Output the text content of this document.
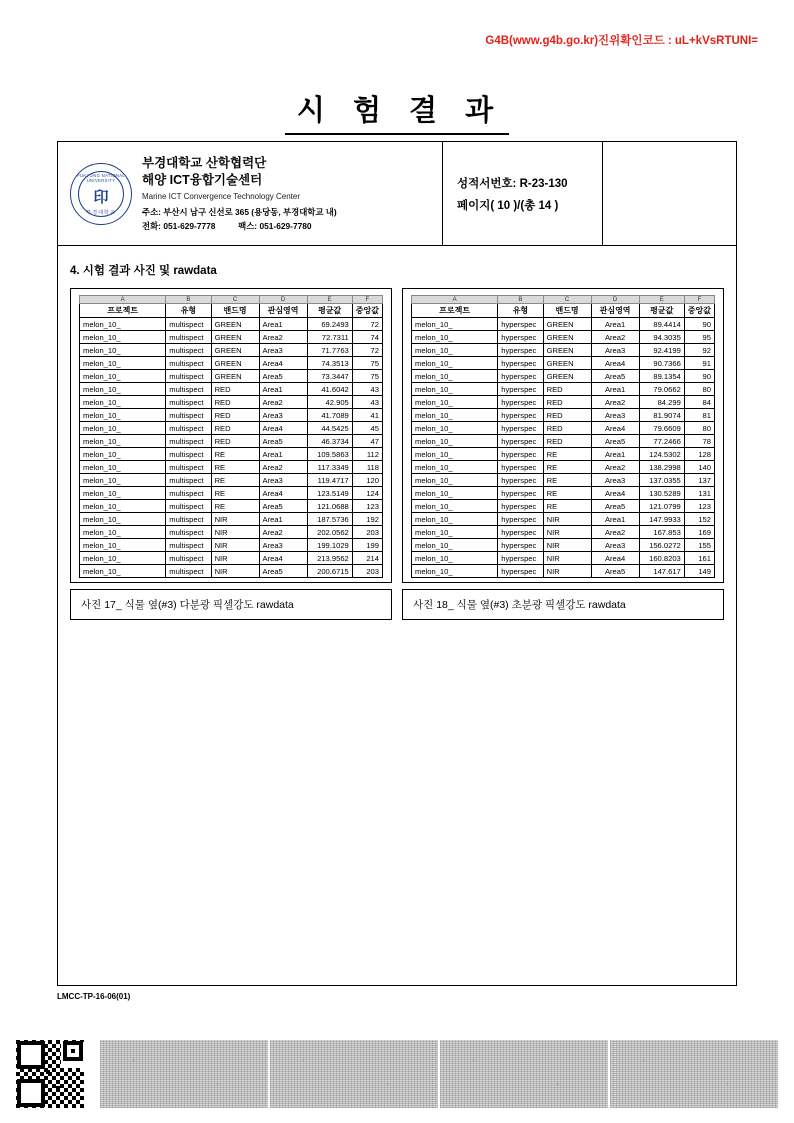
G4B(www.g4b.go.kr)진위확인코드 : uL+kVsRTUNI=
시 험 결 과
PUKYONG NATIONAL UNIVERSITY
印
부경대학교
부경대학교 산학협력단
해양 ICT융합기술센터
Marine ICT Convergence Technology Center
주소: 부산시 남구 신선로 365 (용당동, 부경대학교 내)
전화: 051-629-7778	팩스: 051-629-7780
성적서번호: R-23-130
페이지( 10 )/(총 14 )
4. 시험 결과 사진 및 rawdata
A	B	C	D	E	F
프로젝트	유형	밴드명	관심영역	평균값	중앙값
melon_10_	multispect	GREEN	Area1	69.2493	72
melon_10_	multispect	GREEN	Area2	72.7311	74
melon_10_	multispect	GREEN	Area3	71.7763	72
melon_10_	multispect	GREEN	Area4	74.3513	75
melon_10_	multispect	GREEN	Area5	73.3447	75
melon_10_	multispect	RED	Area1	41.6042	43
melon_10_	multispect	RED	Area2	42.905	43
melon_10_	multispect	RED	Area3	41.7089	41
melon_10_	multispect	RED	Area4	44.5425	45
melon_10_	multispect	RED	Area5	46.3734	47
melon_10_	multispect	RE	Area1	109.5863	112
melon_10_	multispect	RE	Area2	117.3349	118
melon_10_	multispect	RE	Area3	119.4717	120
melon_10_	multispect	RE	Area4	123.5149	124
melon_10_	multispect	RE	Area5	121.0688	123
melon_10_	multispect	NIR	Area1	187.5736	192
melon_10_	multispect	NIR	Area2	202.0562	203
melon_10_	multispect	NIR	Area3	199.1029	199
melon_10_	multispect	NIR	Area4	213.9562	214
melon_10_	multispect	NIR	Area5	200.6715	203
A	B	C	D	E	F
프로젝트	유형	밴드명	관심영역	평균값	중앙값
melon_10_	hyperspec	GREEN	Area1	89.4414	90
melon_10_	hyperspec	GREEN	Area2	94.3035	95
melon_10_	hyperspec	GREEN	Area3	92.4199	92
melon_10_	hyperspec	GREEN	Area4	90.7366	91
melon_10_	hyperspec	GREEN	Area5	89.1354	90
melon_10_	hyperspec	RED	Area1	79.0662	80
melon_10_	hyperspec	RED	Area2	84.299	84
melon_10_	hyperspec	RED	Area3	81.9074	81
melon_10_	hyperspec	RED	Area4	79.6609	80
melon_10_	hyperspec	RED	Area5	77.2466	78
melon_10_	hyperspec	RE	Area1	124.5302	128
melon_10_	hyperspec	RE	Area2	138.2998	140
melon_10_	hyperspec	RE	Area3	137.0355	137
melon_10_	hyperspec	RE	Area4	130.5289	131
melon_10_	hyperspec	RE	Area5	121.0799	123
melon_10_	hyperspec	NIR	Area1	147.9933	152
melon_10_	hyperspec	NIR	Area2	167.853	169
melon_10_	hyperspec	NIR	Area3	156.0272	155
melon_10_	hyperspec	NIR	Area4	160.8203	161
melon_10_	hyperspec	NIR	Area5	147.617	149
사진 17_ 식물 옆(#3) 다분광 픽셀강도 rawdata	사진 18_ 식물 옆(#3) 초분광 픽셀강도 rawdata
LMCC-TP-16-06(01)
